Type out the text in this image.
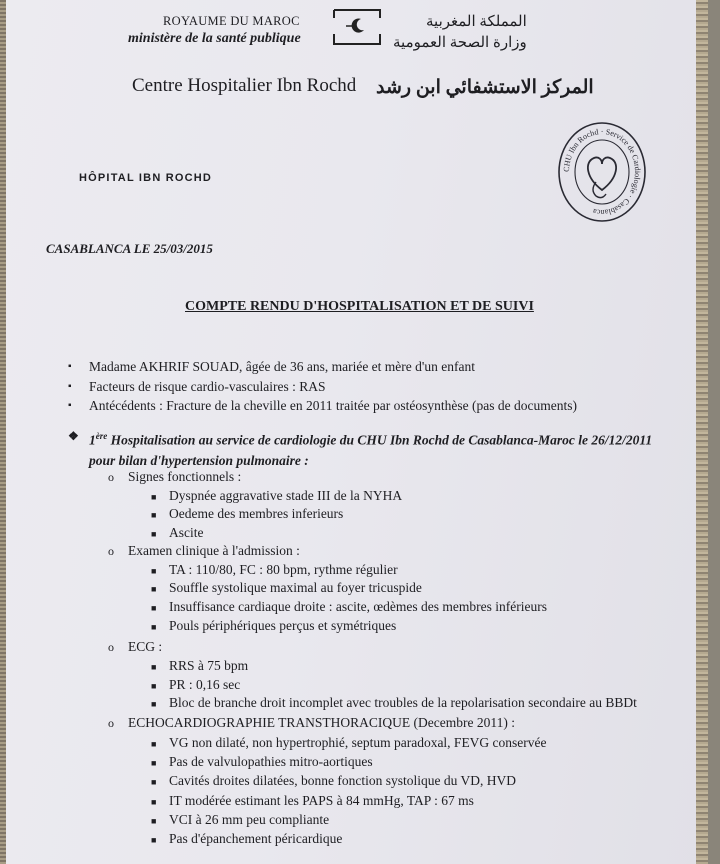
ROYAUME DU MAROC
ministère de la santé publique
المملكة المغربية
وزارة الصحة العمومية
Centre Hospitalier Ibn Rochd المركز الاستشفائي ابن رشد
HÔPITAL IBN ROCHD
CHU Ibn Rochd · Service de Cardiologie · Casablanca
CASABLANCA LE 25/03/2015
COMPTE RENDU D'HOSPITALISATION ET DE SUIVI
▪ Madame AKHRIF SOUAD, âgée de 36 ans, mariée et mère d'un enfant
▪ Facteurs de risque cardio-vasculaires : RAS
▪ Antécédents : Fracture de la cheville en 2011 traitée par ostéosynthèse (pas de documents)
❖ 1ère Hospitalisation au service de cardiologie du CHU Ibn Rochd de Casablanca-Maroc le 26/12/2011
pour bilan d'hypertension pulmonaire :
o Signes fonctionnels :
■ Dyspnée aggravative stade III de la NYHA
■ Oedeme des membres inferieurs
■ Ascite
o Examen clinique à l'admission :
■ TA : 110/80, FC : 80 bpm, rythme régulier
■ Souffle systolique maximal au foyer tricuspide
■ Insuffisance cardiaque droite : ascite, œdèmes des membres inférieurs
■ Pouls périphériques perçus et symétriques
o ECG :
■ RRS à 75 bpm
■ PR : 0,16 sec
■ Bloc de branche droit incomplet avec troubles de la repolarisation secondaire au BBDt
o ECHOCARDIOGRAPHIE TRANSTHORACIQUE (Decembre 2011) :
■ VG non dilaté, non hypertrophié, septum paradoxal, FEVG conservée
■ Pas de valvulopathies mitro-aortiques
■ Cavités droites dilatées, bonne fonction systolique du VD, HVD
■ IT modérée estimant les PAPS à 84 mmHg, TAP : 67 ms
■ VCI à 26 mm peu compliante
■ Pas d'épanchement péricardique
